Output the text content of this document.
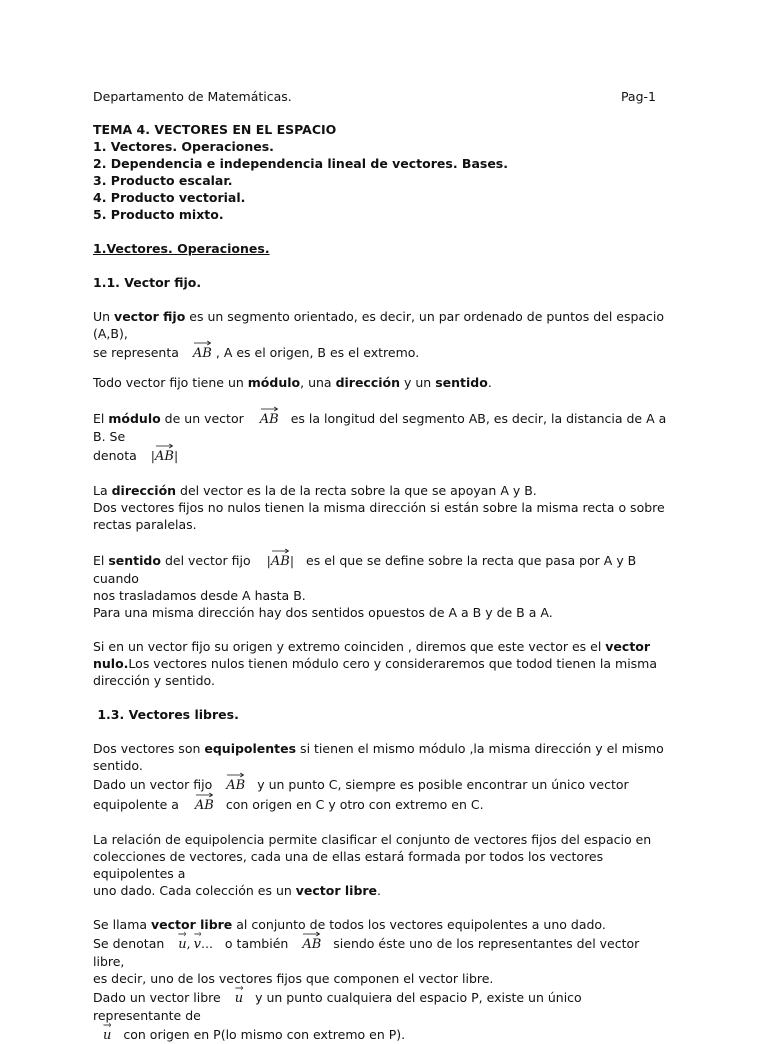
Departamento de Matemáticas.	Pag-1

TEMA 4. VECTORES EN EL ESPACIO

1. Vectores. Operaciones.

2. Dependencia e independencia lineal de vectores. Bases.

3. Producto escalar.

4. Producto vectorial.

5. Producto mixto.

1.Vectores. Operaciones.

1.1. Vector fijo.

Un vector fijo es un segmento orientado, es decir, un par ordenado de puntos del espacio (A,B),

se representa AB , A es el origen, B es el extremo.

Todo vector fijo tiene un módulo, una dirección y un sentido.

El módulo de un vector AB es la longitud del segmento AB, es decir, la distancia de A a B. Se

denota |
AB|

La dirección del vector es la de la recta sobre la que se apoyan A y B.

Dos vectores fijos no nulos tienen la misma dirección si están sobre la misma recta o sobre

rectas paralelas.

El sentido del vector fijo |
AB| es el que se define sobre la recta que pasa por A y B cuando

nos trasladamos desde A hasta B.

Para una misma dirección hay dos sentidos opuestos de A a B y de B a A.

Si en un vector fijo su origen y extremo coinciden , diremos que este vector es el vector

nulo.Los vectores nulos tienen módulo cero y consideraremos que todod tienen la misma

dirección y sentido.

1.3. Vectores libres.

Dos vectores son equipolentes si tienen el mismo módulo ,la misma dirección y el mismo sentido.

Dado un vector fijo AB y un punto C, siempre es posible encontrar un único vector

equipolente a AB con origen en C y otro con extremo en C.

La relación de equipolencia permite clasificar el conjunto de vectores fijos del espacio en

colecciones de vectores, cada una de ellas estará formada por todos los vectores equipolentes a

uno dado. Cada colección es un vector libre.

Se llama vector libre al conjunto de todos los vectores equipolentes a uno dado.

Se denotan u, v... o también AB siendo éste uno de los representantes del vector libre,

es decir, uno de los vectores fijos que componen el vector libre.

Dado un vector libre u y un punto cualquiera del espacio P, existe un único representante de

u con origen en P(lo mismo con extremo en P).
